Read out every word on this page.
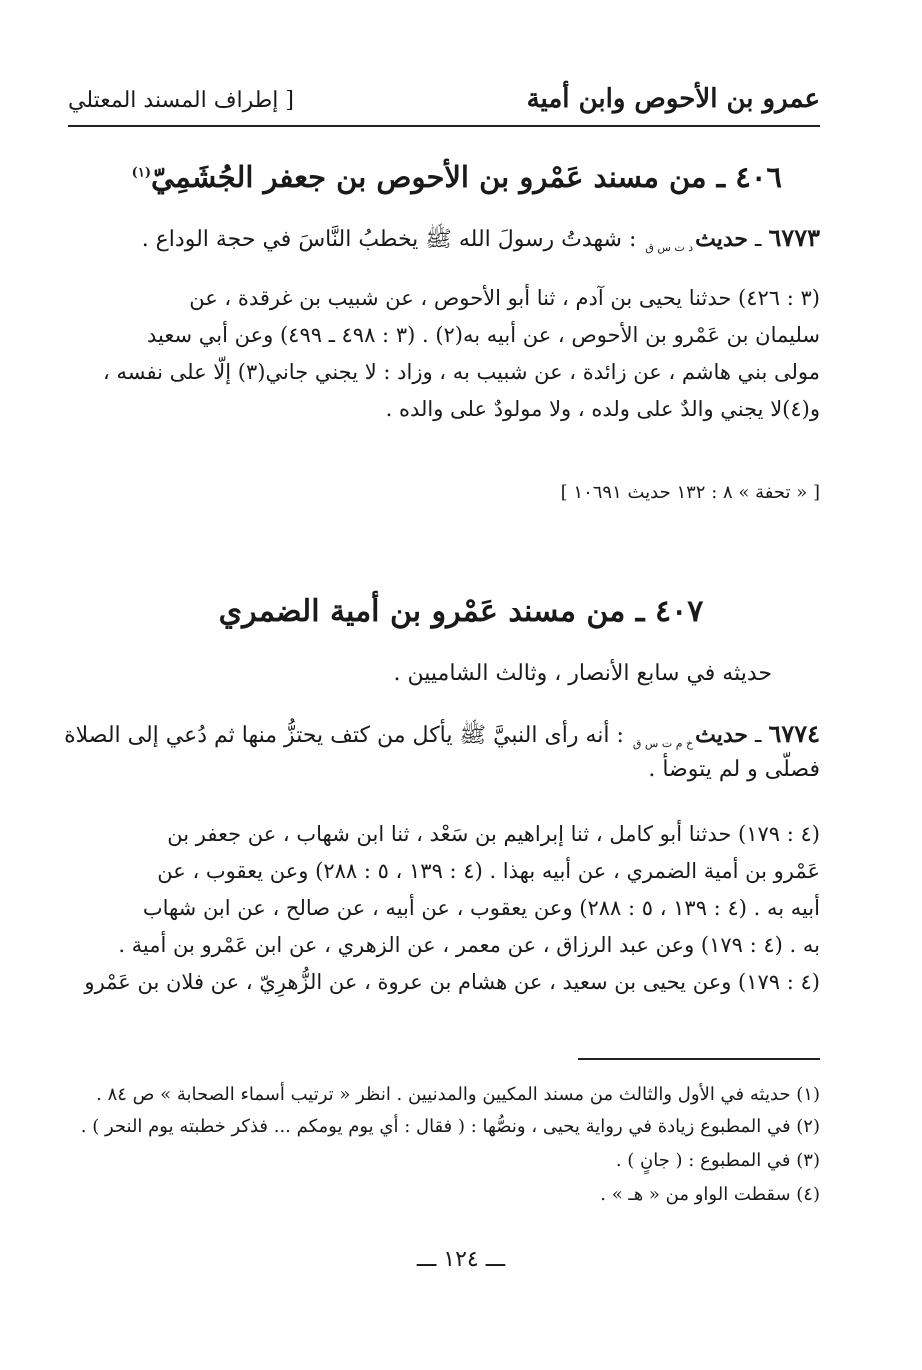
عمرو بن الأحوص وابن أمية
[ إطراف المسند المعتلي
٤٠٦ ـ من مسند عَمْرو بن الأحوص بن جعفر الجُشَمِيّ$^{(١)}$
٦٧٧٣ ـ حديثد ت س ق : شهدتُ رسولَ الله ﷺ يخطبُ النَّاسَ في حجة الوداع .
(٣ : ٤٢٦) حدثنا يحيى بن آدم ، ثنا أبو الأحوص ، عن شبيب بن غرقدة ، عن
سليمان بن عَمْرو بن الأحوص ، عن أبيه به(٢) . (٣ : ٤٩٨ ـ ٤٩٩) وعن أبي سعيد
مولى بني هاشم ، عن زائدة ، عن شبيب به ، وزاد : لا يجني جاني(٣) إلّا على نفسه ،
و(٤)لا يجني والدٌ على ولده ، ولا مولودٌ على والده .
[ « تحفة » ٨ : ١٣٢ حديث ١٠٦٩١ ]
٤٠٧ ـ من مسند عَمْرو بن أمية الضمري
حديثه في سابع الأنصار ، وثالث الشاميين .
٦٧٧٤ ـ حديثخ م ت س ق : أنه رأى النبيَّ ﷺ يأكل من كتف يحتزُّ منها ثم دُعي إلى الصلاة
فصلّى و لم يتوضأ .
(٤ : ١٧٩) حدثنا أبو كامل ، ثنا إبراهيم بن سَعْد ، ثنا ابن شهاب ، عن جعفر بن
عَمْرو بن أمية الضمري ، عن أبيه بهذا . (٤ : ١٣٩ ، ٥ : ٢٨٨) وعن يعقوب ، عن
أبيه به . (٤ : ١٣٩ ، ٥ : ٢٨٨) وعن يعقوب ، عن أبيه ، عن صالح ، عن ابن شهاب
به . (٤ : ١٧٩) وعن عبد الرزاق ، عن معمر ، عن الزهري ، عن ابن عَمْرو بن أمية .
(٤ : ١٧٩) وعن يحيى بن سعيد ، عن هشام بن عروة ، عن الزُّهرِيّ ، عن فلان بن عَمْرو
(١) حديثه في الأول والثالث من مسند المكيين والمدنيين . انظر « ترتيب أسماء الصحابة » ص ٨٤ .
(٢) في المطبوع زيادة في رواية يحيى ، ونصُّها : ( فقال : أي يوم يومكم ... فذكر خطبته يوم النحر ) .
(٣) في المطبوع : ( جانٍ ) .
(٤) سقطت الواو من « هـ » .
ـــ ١٢٤ ـــ
